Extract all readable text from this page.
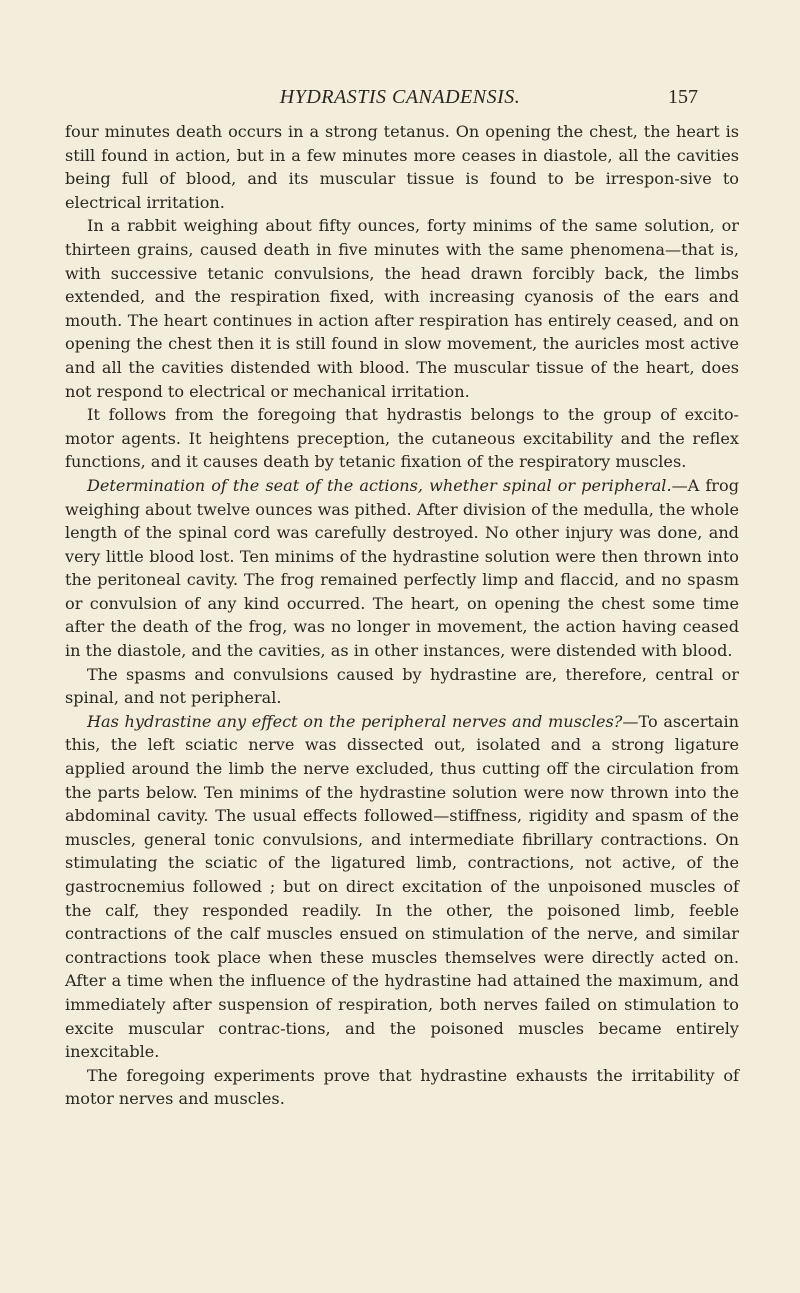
HYDRASTIS CANADENSIS.	157

four minutes death occurs in a strong tetanus. On opening the chest, the heart is still found in action, but in a few minutes more ceases in diastole, all the cavities being full of blood, and its muscular tissue is found to be irrespon-sive to electrical irritation.

In a rabbit weighing about fifty ounces, forty minims of the same solution, or thirteen grains, caused death in five minutes with the same phenomena—that is, with successive tetanic convulsions, the head drawn forcibly back, the limbs extended, and the respiration fixed, with increasing cyanosis of the ears and mouth. The heart continues in action after respiration has entirely ceased, and on opening the chest then it is still found in slow movement, the auricles most active and all the cavities distended with blood. The muscular tissue of the heart, does not respond to electrical or mechanical irritation.

It follows from the foregoing that hydrastis belongs to the group of excito-motor agents. It heightens preception, the cutaneous excitability and the reflex functions, and it causes death by tetanic fixation of the respiratory muscles.

Determination of the seat of the actions, whether spinal or peripheral.—A frog weighing about twelve ounces was pithed. After division of the medulla, the whole length of the spinal cord was carefully destroyed. No other injury was done, and very little blood lost. Ten minims of the hydrastine solution were then thrown into the peritoneal cavity. The frog remained perfectly limp and flaccid, and no spasm or convulsion of any kind occurred. The heart, on opening the chest some time after the death of the frog, was no longer in movement, the action having ceased in the diastole, and the cavities, as in other instances, were distended with blood.

The spasms and convulsions caused by hydrastine are, therefore, central or spinal, and not peripheral.

Has hydrastine any effect on the peripheral nerves and muscles?—To ascertain this, the left sciatic nerve was dissected out, isolated and a strong ligature applied around the limb the nerve excluded, thus cutting off the circulation from the parts below. Ten minims of the hydrastine solution were now thrown into the abdominal cavity. The usual effects followed—stiffness, rigidity and spasm of the muscles, general tonic convulsions, and intermediate fibrillary contractions. On stimulating the sciatic of the ligatured limb, contractions, not active, of the gastrocnemius followed ; but on direct excitation of the unpoisoned muscles of the calf, they responded readily. In the other, the poisoned limb, feeble contractions of the calf muscles ensued on stimulation of the nerve, and similar contractions took place when these muscles themselves were directly acted on. After a time when the influence of the hydrastine had attained the maximum, and immediately after suspension of respiration, both nerves failed on stimulation to excite muscular contrac-tions, and the poisoned muscles became entirely inexcitable.

The foregoing experiments prove that hydrastine exhausts the irritability of motor nerves and muscles.
